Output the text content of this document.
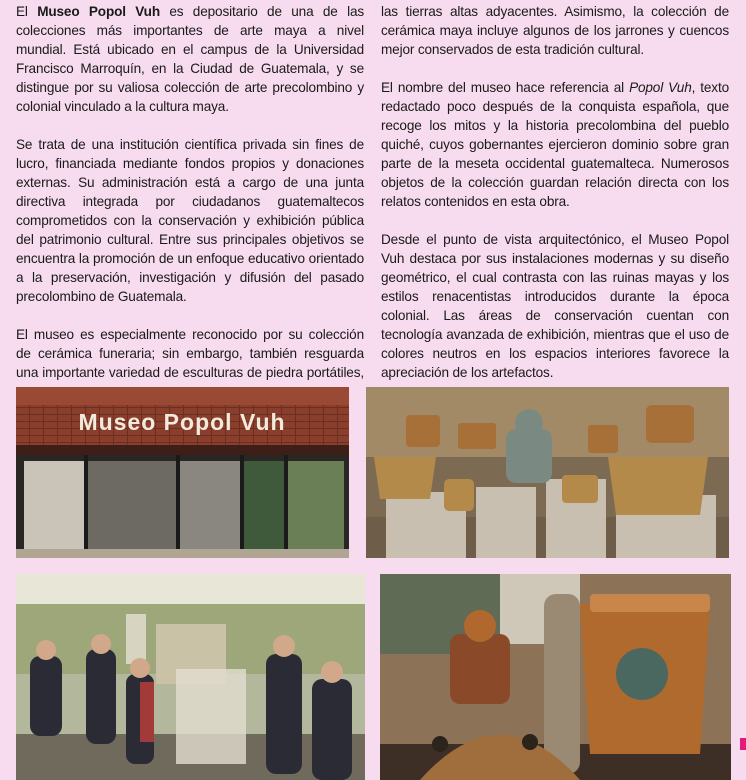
El Museo Popol Vuh es depositario de una de las colecciones más importantes de arte maya a nivel mundial. Está ubicado en el campus de la Universidad Francisco Marroquín, en la Ciudad de Guatemala, y se distingue por su valiosa colección de arte precolombino y colonial vinculado a la cultura maya.

Se trata de una institución científica privada sin fines de lucro, financiada mediante fondos propios y donaciones externas. Su administración está a cargo de una junta directiva integrada por ciudadanos guatemaltecos comprometidos con la conservación y exhibición pública del patrimonio cultural. Entre sus principales objetivos se encuentra la promoción de un enfoque educativo orientado a la preservación, investigación y difusión del pasado precolombino de Guatemala.

El museo es especialmente reconocido por su colección de cerámica funeraria; sin embargo, también resguarda una importante variedad de esculturas de piedra portátiles,

las tierras altas adyacentes. Asimismo, la colección de cerámica maya incluye algunos de los jarrones y cuencos mejor conservados de esta tradición cultural.

El nombre del museo hace referencia al Popol Vuh, texto redactado poco después de la conquista española, que recoge los mitos y la historia precolombina del pueblo quiché, cuyos gobernantes ejercieron dominio sobre gran parte de la meseta occidental guatemalteca. Numerosos objetos de la colección guardan relación directa con los relatos contenidos en esta obra.

Desde el punto de vista arquitectónico, el Museo Popol Vuh destaca por sus instalaciones modernas y su diseño geométrico, el cual contrasta con las ruinas mayas y los estilos renacentistas introducidos durante la época colonial. Las áreas de conservación cuentan con tecnología avanzada de exhibición, mientras que el uso de colores neutros en los espacios interiores favorece la apreciación de los artefactos.

Museo Popol Vuh
